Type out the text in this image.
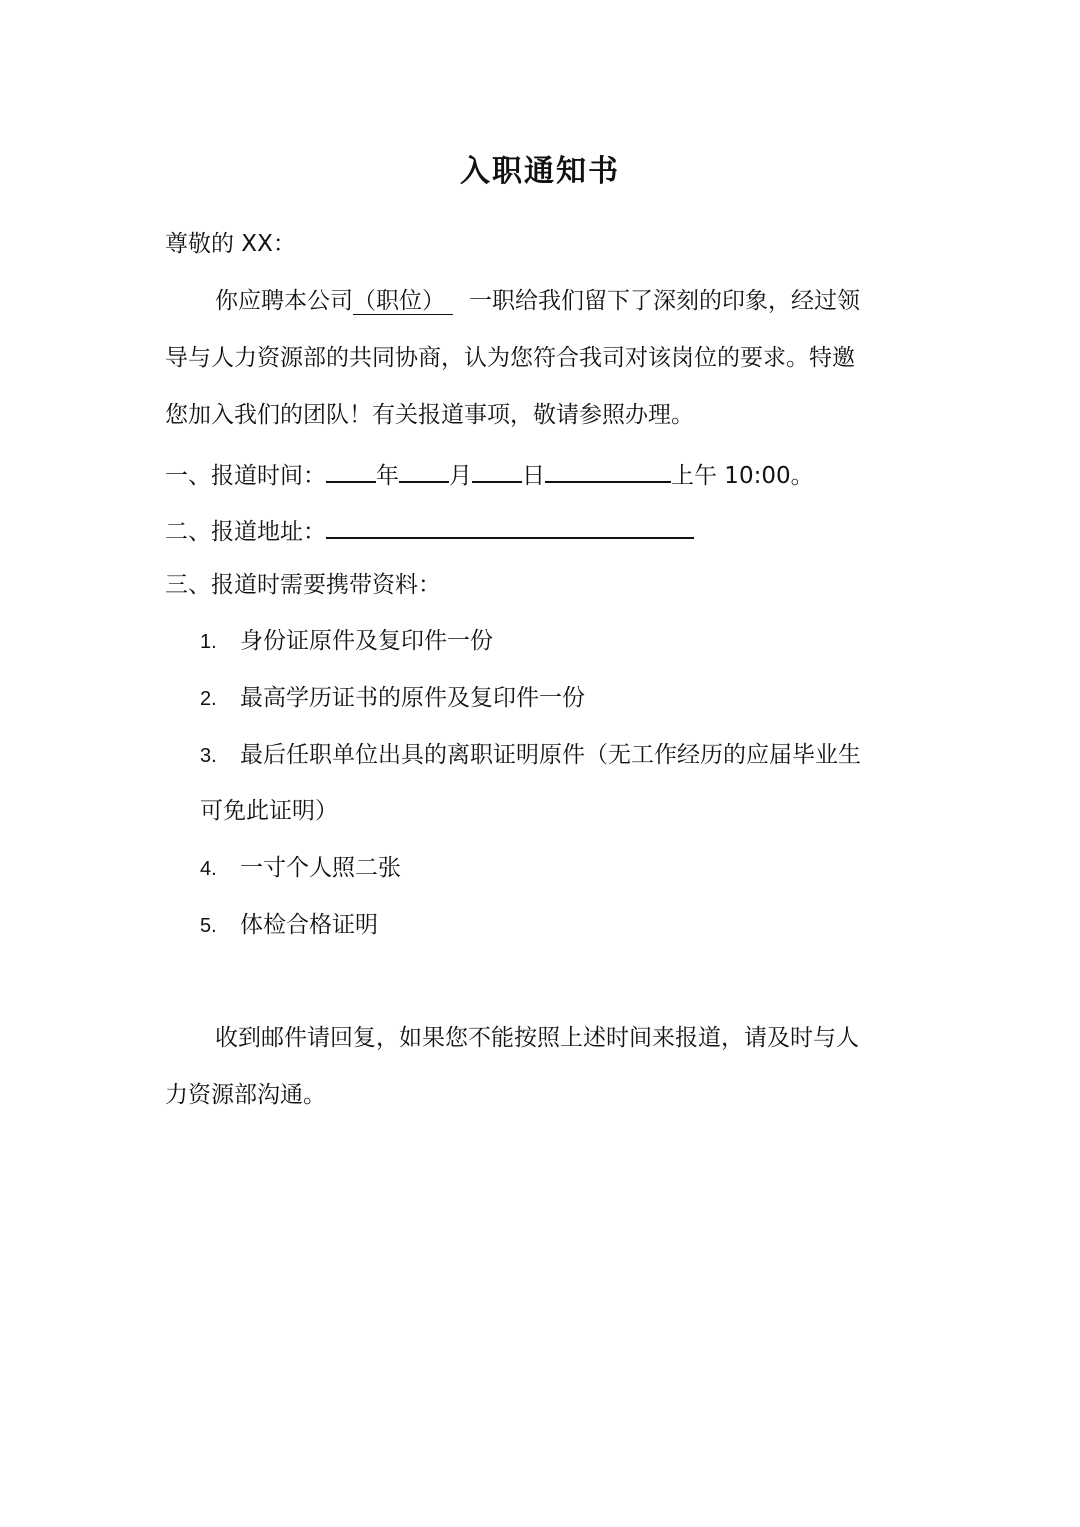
入职通知书
尊敬的 XX：
你应聘本公司（职位） 一职给我们留下了深刻的印象，经过领
导与人力资源部的共同协商，认为您符合我司对该岗位的要求。特邀
您加入我们的团队！有关报道事项，敬请参照办理。
一、报道时间： 年 月 日	上午 10:00。
二、报道地址：
三、报道时需要携带资料：
1. 身份证原件及复印件一份
2. 最高学历证书的原件及复印件一份
3. 最后任职单位出具的离职证明原件（无工作经历的应届毕业生
可免此证明）
4. 一寸个人照二张
5. 体检合格证明
收到邮件请回复，如果您不能按照上述时间来报道，请及时与人
力资源部沟通。
